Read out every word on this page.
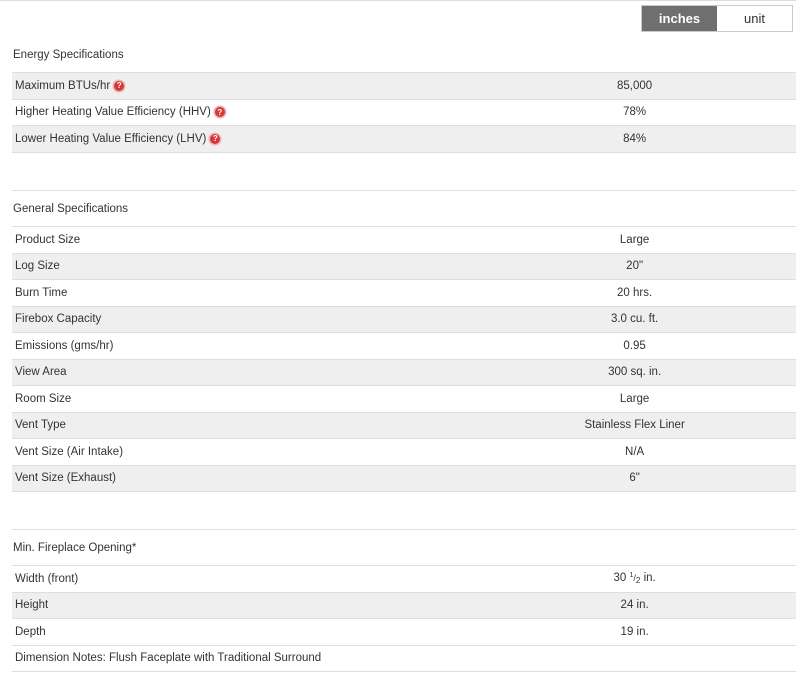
inches	unit
Energy Specifications
Maximum BTUs/hr ?	85,000
Higher Heating Value Efficiency (HHV) ?	78%
Lower Heating Value Efficiency (LHV) ?	84%
General Specifications
Product Size	Large
Log Size	20"
Burn Time	20 hrs.
Firebox Capacity	3.0 cu. ft.
Emissions (gms/hr)	0.95
View Area	300 sq. in.
Room Size	Large
Vent Type	Stainless Flex Liner
Vent Size (Air Intake)	N/A
Vent Size (Exhaust)	6"
Min. Fireplace Opening*
Width (front)	30 $^1/_2$ in.
Height	24 in.
Depth	19 in.
Dimension Notes: Flush Faceplate with Traditional Surround
